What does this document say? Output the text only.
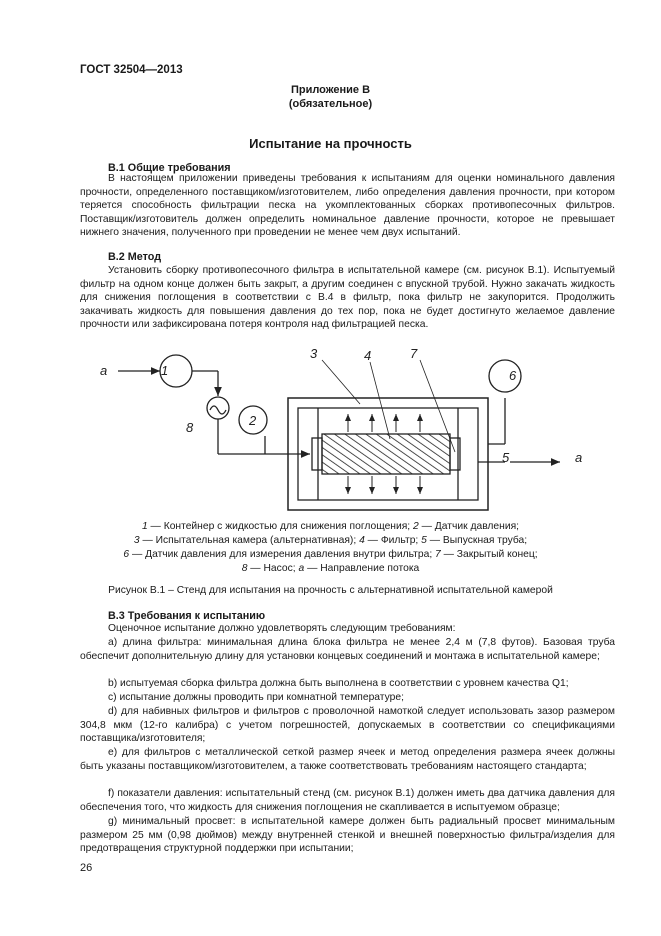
ГОСТ 32504—2013
Приложение В
(обязательное)
Испытание на прочность
В.1 Общие требования

В настоящем приложении приведены требования к испытаниям для оценки номинального давления прочности, определенного поставщиком/изготовителем, либо определения давления прочности, при котором теряется способность фильтрации песка на укомплектованных сборках противопесочных фильтров. Поставщик/изготовитель должен определить номинальное давление прочности, которое не превышает нижнего значения, полученного при проведении не менее чем двух испытаний.

В.2 Метод

Установить сборку противопесочного фильтра в испытательной камере (см. рисунок В.1). Испытуемый фильтр на одном конце должен быть закрыт, а другим соединен с впускной трубой. Нужно закачать жидкость для снижения поглощения в соответствии с В.4 в фильтр, пока фильтр не закупорится. Продолжить закачивать жидкость для повышения давления до тех пор, пока не будет достигнуто желаемое давление прочности или зафиксирована потеря контроля над фильтрацией песка.

a	1
2
3	4
5
6
7
8
a
1 — Контейнер с жидкостью для снижения поглощения; 2 — Датчик давления;
3 — Испытательная камера (альтернативная); 4 — Фильтр; 5 — Выпускная труба;
6 — Датчик давления для измерения давления внутри фильтра; 7 — Закрытый конец;
8 — Насос; а — Направление потока
Рисунок В.1 – Стенд для испытания на прочность с альтернативной испытательной камерой
В.3 Требования к испытанию

Оценочное испытание должно удовлетворять следующим требованиям:

а) длина фильтра: минимальная длина блока фильтра не менее 2,4 м (7,8 футов). Базовая труба обеспечит дополнительную длину для установки концевых соединений и монтажа в испытательной камере;

b) испытуемая сборка фильтра должна быть выполнена в соответствии с уровнем качества Q1;

c) испытание должны проводить при комнатной температуре;

d) для набивных фильтров и фильтров с проволочной намоткой следует использовать зазор размером 304,8 мкм (12-го калибра) с учетом погрешностей, допускаемых в соответствии со спецификациями поставщика/изготовителя;

e) для фильтров с металлической сеткой размер ячеек и метод определения размера ячеек должны быть указаны поставщиком/изготовителем, а также соответствовать требованиям настоящего стандарта;

f) показатели давления: испытательный стенд (см. рисунок В.1) должен иметь два датчика давления для обеспечения того, что жидкость для снижения поглощения не скапливается в испытуемом образце;

g) минимальный просвет: в испытательной камере должен быть радиальный просвет минимальным размером 25 мм (0,98 дюймов) между внутренней стенкой и внешней поверхностью фильтра/изделия для предотвращения структурной поддержки при испытании;

26
